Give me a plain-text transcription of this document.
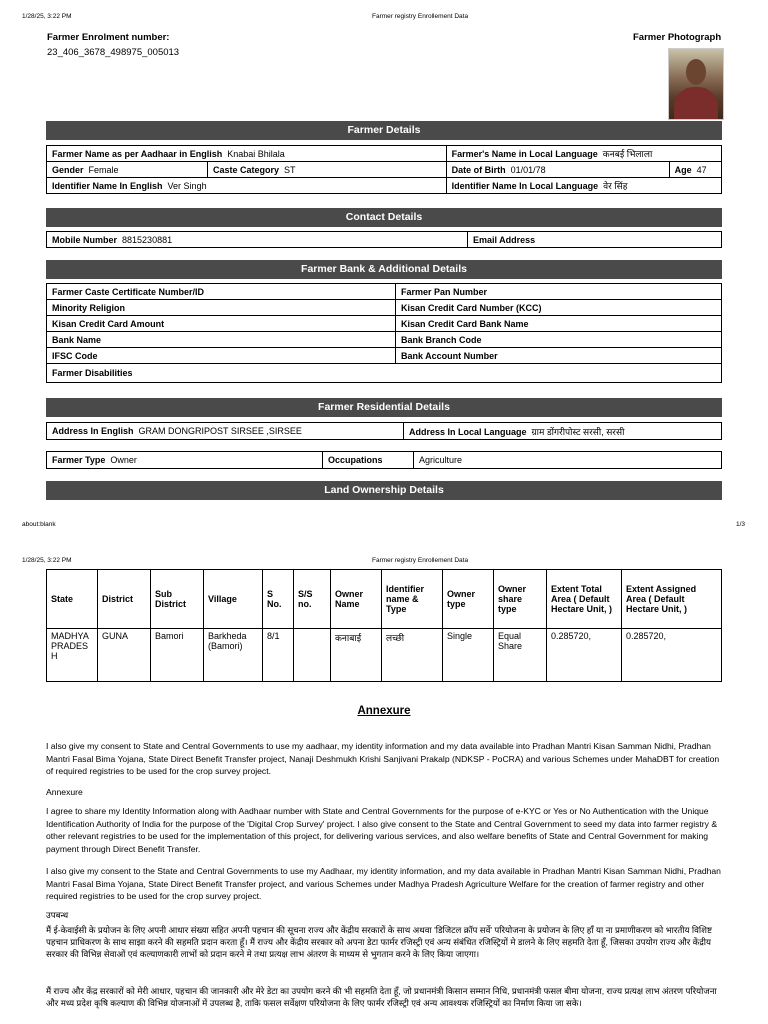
1/28/25, 3:22 PM	Farmer registry Enrollement Data
Farmer Enrolment number:
23_406_3678_498975_005013
Farmer Photograph
Farmer Details
Farmer Name as per Aadhaar in English Knabai Bhilala		Farmer's Name in Local Language कनबई भिलाला	
Gender Female	Caste Category ST	Date of Birth 01/01/78	Age 47
Identifier Name In English Ver Singh		Identifier Name In Local Language वेर सिंह	
Contact Details
Mobile Number 8815230881	Email Address
Farmer Bank & Additional Details
Farmer Caste Certificate Number/ID	Farmer Pan Number
Minority Religion	Kisan Credit Card Number (KCC)
Kisan Credit Card Amount	Kisan Credit Card Bank Name
Bank Name	Bank Branch Code
IFSC Code	Bank Account Number
Farmer Disabilities	
Farmer Residential Details
Address In English GRAM DONGRIPOST SIRSEE ,SIRSEE	Address In Local Language ग्राम डोंगरीपोस्ट सरसी, सरसी
Farmer Type Owner	Occupations	Agriculture
Land Ownership Details
about:blank	1/3
1/28/25, 3:22 PM	Farmer registry Enrollement Data
State	District	Sub District	Village	S No.	S/S no.	Owner Name	Identifier name & Type	Owner type	Owner share type	Extent Total Area ( Default Hectare Unit, )	Extent Assigned Area ( Default Hectare Unit, )
MADHYA PRADESH	GUNA	Bamori	Barkheda (Bamori)	8/1		कनाबाई	लच्छी	Single	Equal Share	0.285720,	0.285720,
Annexure
I also give my consent to State and Central Governments to use my aadhaar, my identity information and my data available into Pradhan Mantri Kisan Samman Nidhi, Pradhan Mantri Fasal Bima Yojana, State Direct Benefit Transfer project, Nanaji Deshmukh Krishi Sanjivani Prakalp (NDKSP - PoCRA) and various Schemes under MahaDBT for creation of required registries to be used for the crop survey project.
Annexure
I agree to share my Identity Information along with Aadhaar number with State and Central Governments for the purpose of e-KYC or Yes or No Authentication with the Unique Identification Authority of India for the purpose of the 'Digital Crop Survey' project. I also give consent to the State and Central Government to seed my data into farmer registry & other relevant registries to be used for the implementation of this project, for delivering various services, and also welfare benefits of State and Central Government for making payment through Direct Benefit Transfer.
I also give my consent to the State and Central Governments to use my Aadhaar, my identity information, and my data available in Pradhan Mantri Kisan Samman Nidhi, Pradhan Mantri Fasal Bima Yojana, State Direct Benefit Transfer project, and various Schemes under Madhya Pradesh Agriculture Welfare for the creation of farmer registry and other required registries to be used for the crop survey project.
उपबन्ध
मैं ई-केवाईसी के प्रयोजन के लिए अपनी आधार संख्या सहित अपनी पहचान की सूचना राज्य और केंद्रीय सरकारों के साथ अथवा 'डिजिटल क्रॉप सर्वे' परियोजना के प्रयोजन के लिए हाँ या ना प्रमाणीकरण को भारतीय विशिष्ट पहचान प्राधिकरण के साथ साझा करने की सहमति प्रदान करता हूँ। मैं राज्य और केंद्रीय सरकार को अपना डेटा फार्मर रजिस्ट्री एवं अन्य संबंधित रजिस्ट्रियों मे डालने के लिए सहमति देता हूँ, जिसका उपयोग राज्य और केंद्रीय सरकार की विभिन्न सेवाओं एवं कल्याणकारी लाभों को प्रदान करने मे तथा प्रत्यक्ष लाभ अंतरण के माध्यम से भुगतान करने के लिए किया जाएगा।
मैं राज्य और केंद्र सरकारों को मेरी आधार, पहचान की जानकारी और मेरे डेटा का उपयोग करने की भी सहमति देता हूँ, जो प्रधानमंत्री किसान सम्मान निधि, प्रधानमंत्री फसल बीमा योजना, राज्य प्रत्यक्ष लाभ अंतरण परियोजना और मध्य प्रदेश कृषि कल्याण की विभिन्न योजनाओं में उपलब्ध है, ताकि फसल सर्वेक्षण परियोजना के लिए फार्मर रजिस्ट्री एवं अन्य आवश्यक रजिस्ट्रियों का निर्माण किया जा सके।
